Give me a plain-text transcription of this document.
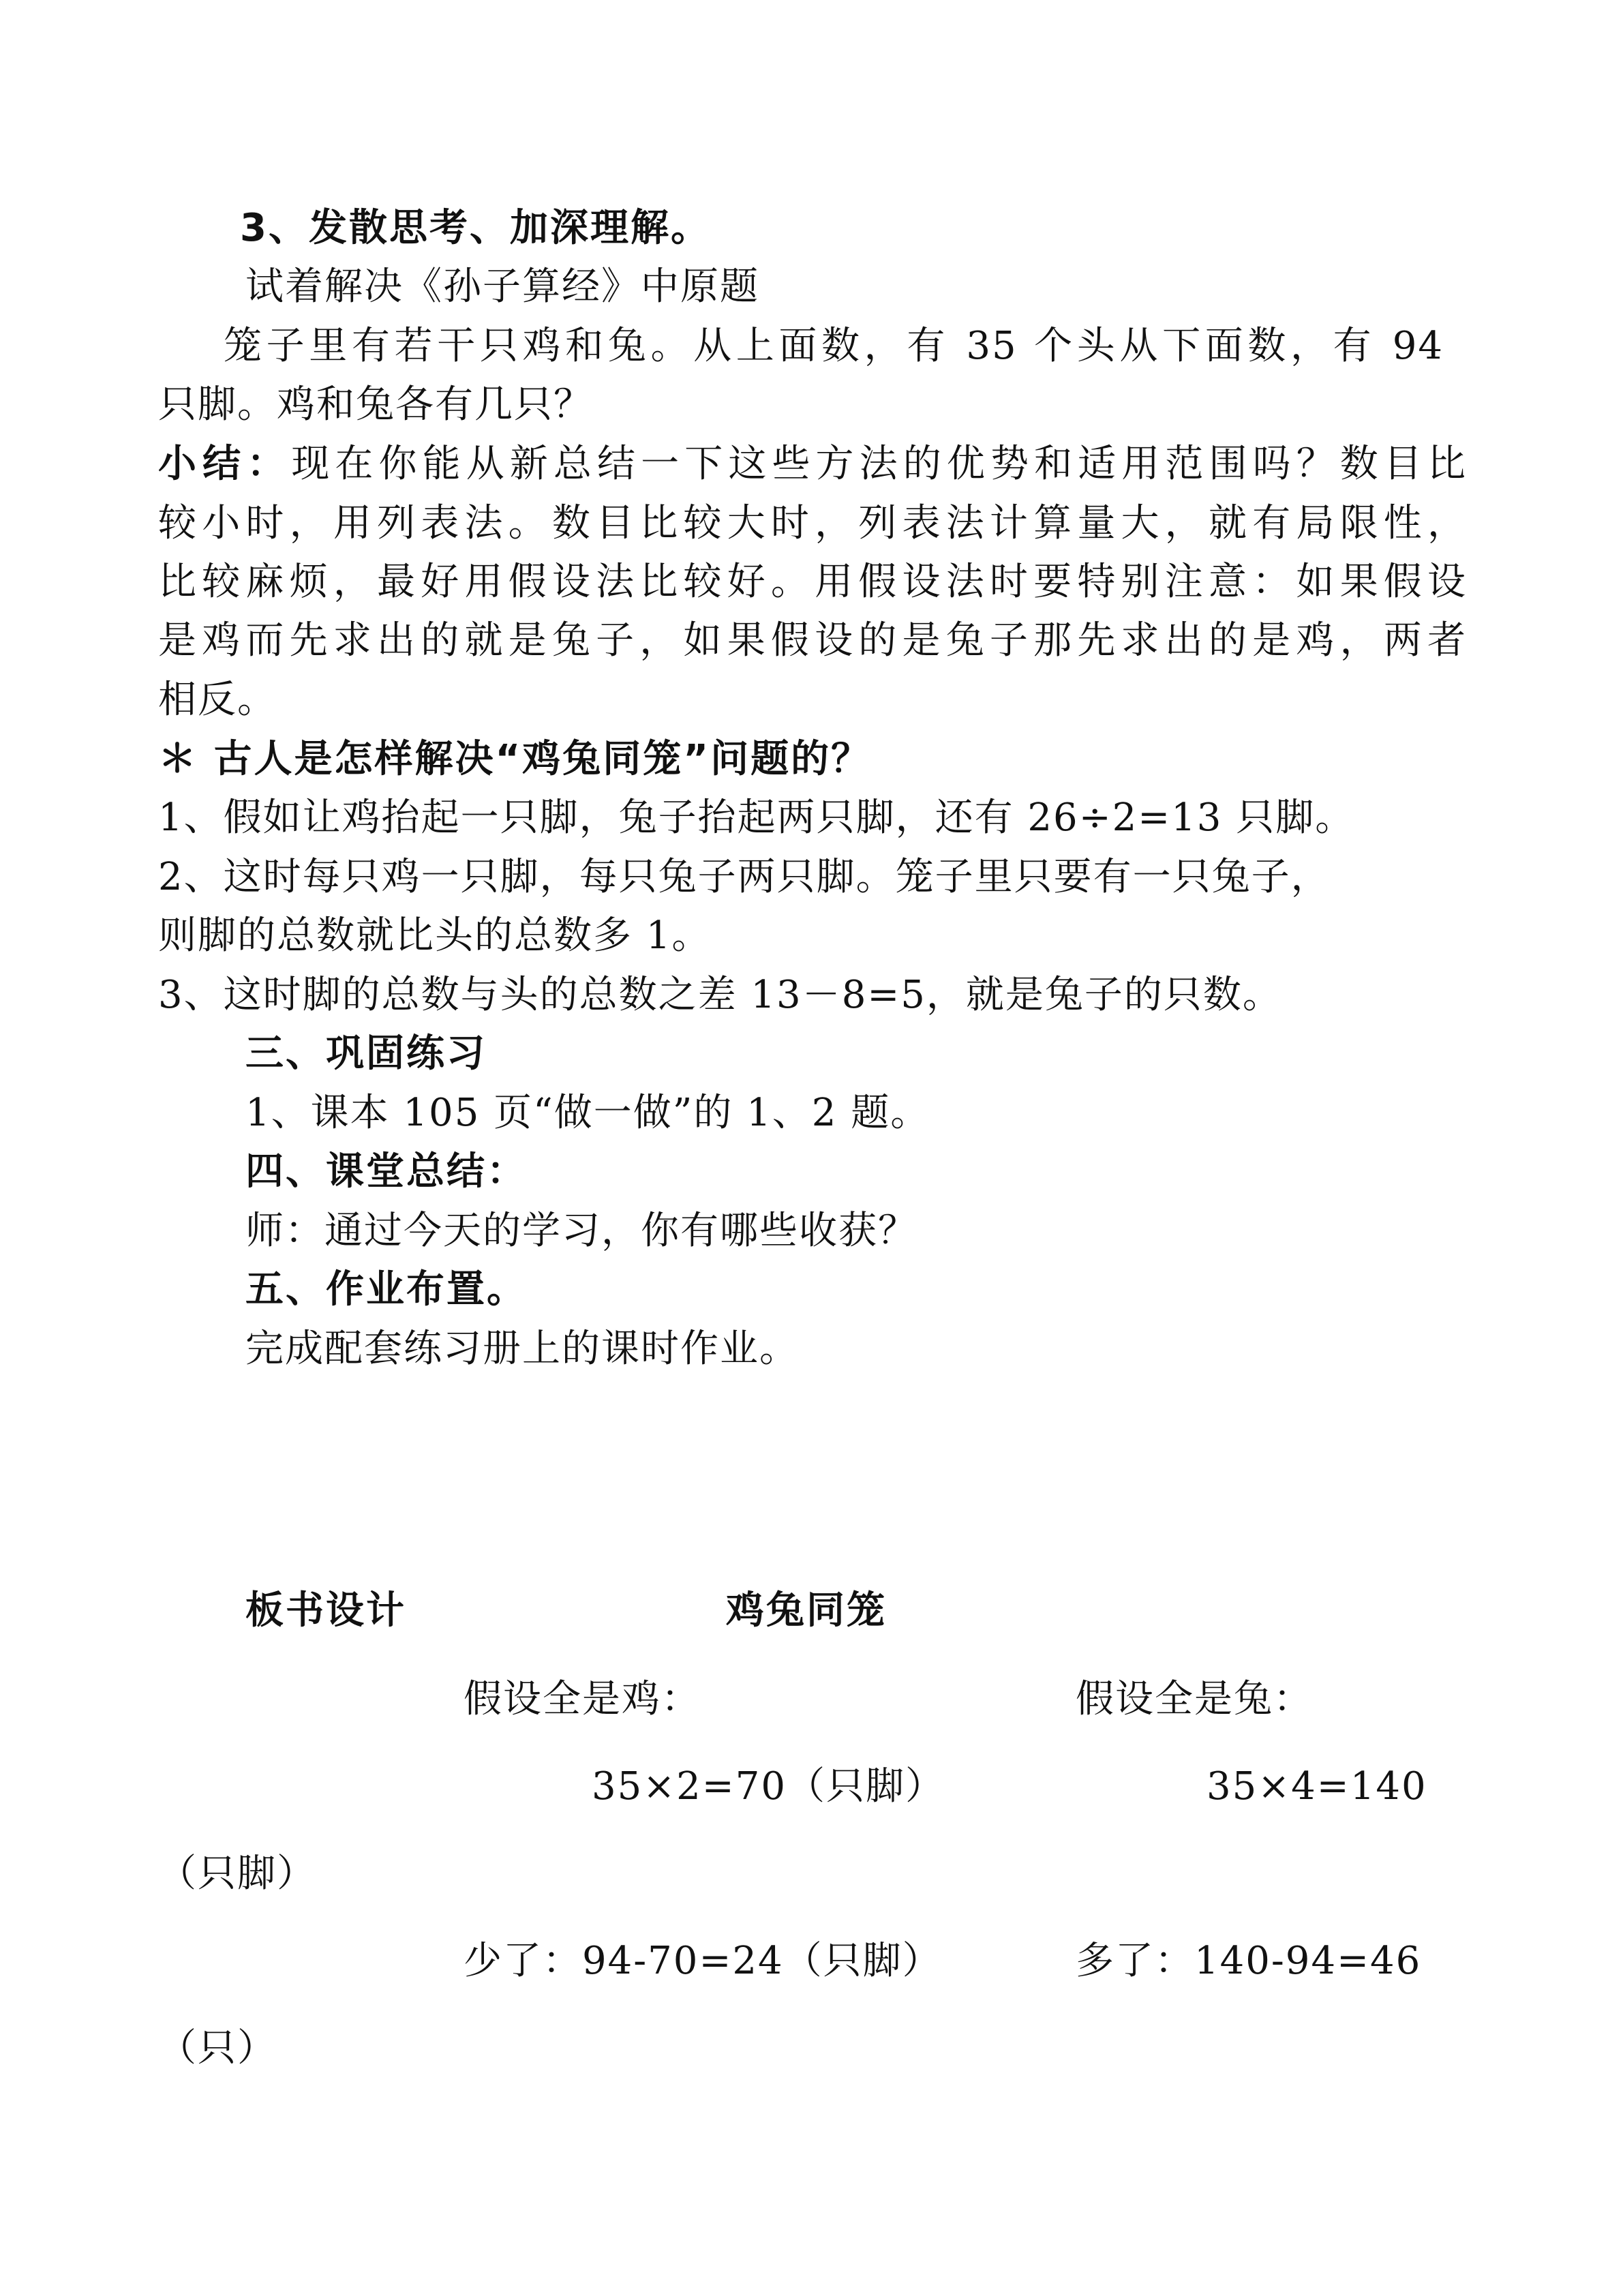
3、发散思考、加深理解。
试着解决《孙子算经》中原题
笼子里有若干只鸡和兔。从上面数，有 35 个头从下面数，有 94
只脚。鸡和兔各有几只？
小结：现在你能从新总结一下这些方法的优势和适用范围吗？数目比
较小时，用列表法。数目比较大时，列表法计算量大，就有局限性，
比较麻烦，最好用假设法比较好。用假设法时要特别注意：如果假设
是鸡而先求出的就是兔子，如果假设的是兔子那先求出的是鸡，两者
相反。
＊ 古人是怎样解决“鸡兔同笼”问题的？
1、假如让鸡抬起一只脚，兔子抬起两只脚，还有 26÷2=13 只脚。
2、这时每只鸡一只脚，每只兔子两只脚。笼子里只要有一只兔子，
则脚的总数就比头的总数多 1。
3、这时脚的总数与头的总数之差 13－8=5，就是兔子的只数。
三、巩固练习
1、课本 105 页“做一做”的 1、2 题。
四、课堂总结：
师：通过今天的学习，你有哪些收获？
五、作业布置。
完成配套练习册上的课时作业。
板书设计	鸡兔同笼
假设全是鸡：	假设全是兔：
35×2=70（只脚）	35×4=140
（只脚）
少了：94-70=24（只脚）	多了：140-94=46
（只）
